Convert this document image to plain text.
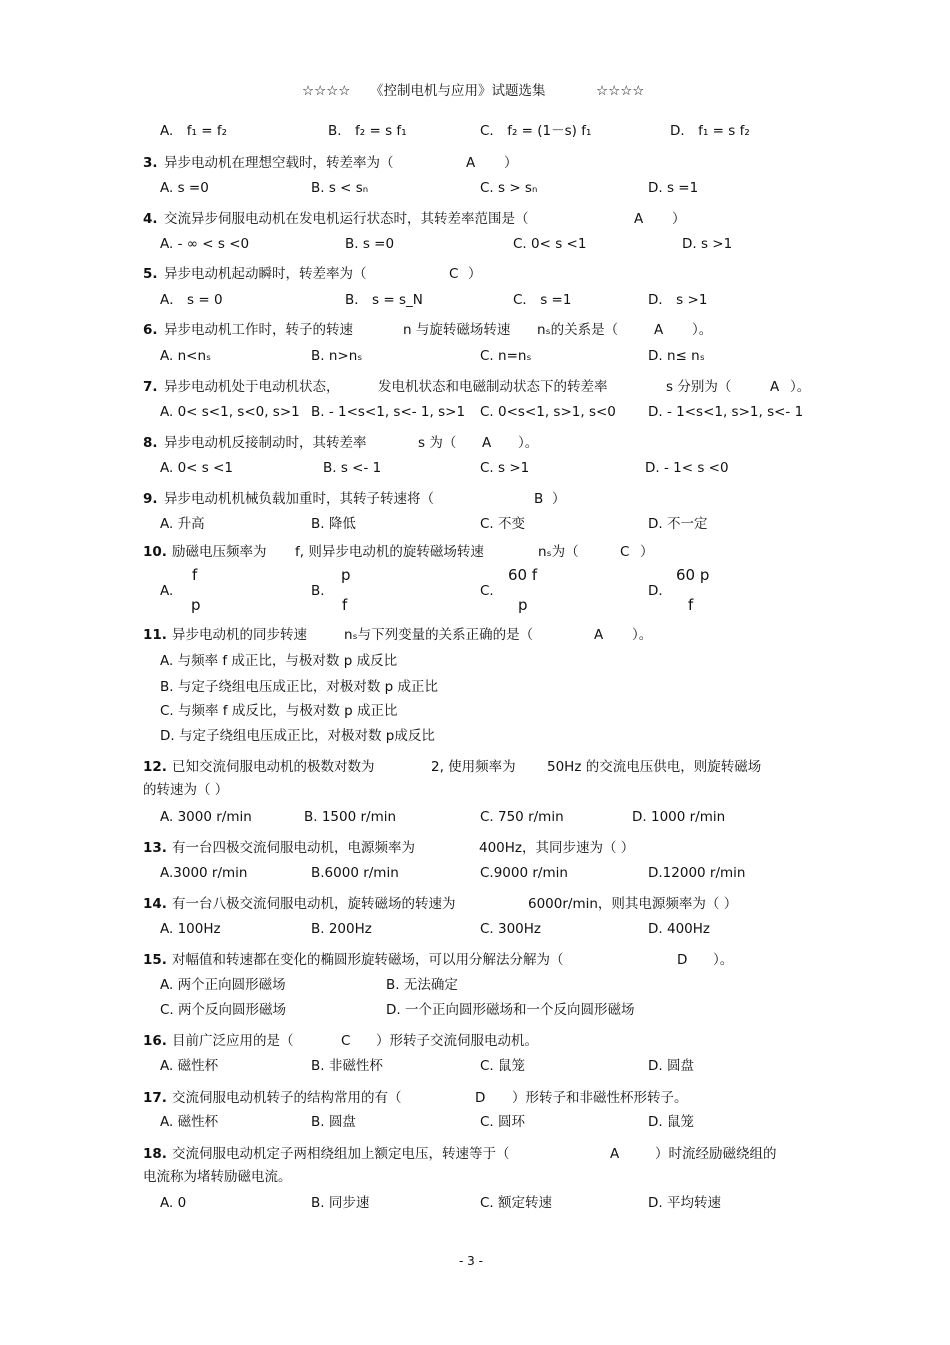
☆☆☆☆ 《控制电机与应用》试题选集	☆☆☆☆
A.　f₁ = f₂	B.　f₂ = s f₁	C.　f₂ = (1－s) f₁	D.　f₁ = s f₂
3. 异步电动机在理想空载时，转差率为（	A ）
A. s =0	B. s < sₙ	C. s > sₙ	D. s =1
4. 交流异步伺服电动机在发电机运行状态时，其转差率范围是（	A ）
A. - ∞ < s <0	B. s =0	C. 0< s <1	D. s >1
5. 异步电动机起动瞬时，转差率为（	C ）
A． s = 0	B． s = s_N	C． s =1	D． s >1
6. 异步电动机工作时，转子的转速	n 与旋转磁场转速 nₛ的关系是（	A ）。
A. n<nₛ	B. n>nₛ	C. n=nₛ	D. n≤ nₛ
7. 异步电动机处于电动机状态，	发电机状态和电磁制动状态下的转差率	s 分别为（	A ）。
A. 0< s<1, s<0, s>1 B. - 1<s<1, s<- 1, s>1 C. 0<s<1, s>1, s<0 D. - 1<s<1, s>1, s<- 1
8. 异步电动机反接制动时，其转差率	s 为（ A ）。
A. 0< s <1	B. s <- 1	C. s >1	D. - 1< s <0
9. 异步电动机机械负载加重时，其转子转速将（	B ）
A. 升高	B. 降低	C. 不变	D. 不一定
10. 励磁电压频率为 f, 则异步电动机的旋转磁场转速	nₛ为（	C ）
A.
f
p
B.
p
f
C.
60 f
p
D.
60 p
f
11. 异步电动机的同步转速	nₛ与下列变量的关系正确的是（	A ）。
A. 与频率 f 成正比，与极对数 p 成反比
B. 与定子绕组电压成正比，对极对数 p 成正比
C. 与频率 f 成反比，与极对数 p 成正比
D. 与定子绕组电压成正比，对极对数 p成反比
12. 已知交流伺服电动机的极数对数为	2, 使用频率为 50Hz 的交流电压供电，则旋转磁场
的转速为（ ）
A. 3000 r/min	B. 1500 r/min	C. 750 r/min	D. 1000 r/min
13. 有一台四极交流伺服电动机，电源频率为	400Hz，其同步速为（ ）
A.3000 r/min	B.6000 r/min	C.9000 r/min	D.12000 r/min
14. 有一台八极交流伺服电动机，旋转磁场的转速为	6000r/min，则其电源频率为（ ）
A. 100Hz	B. 200Hz	C. 300Hz	D. 400Hz
15. 对幅值和转速都在变化的椭圆形旋转磁场，可以用分解法分解为（	D ）。
A. 两个正向圆形磁场	B. 无法确定
C. 两个反向圆形磁场	D. 一个正向圆形磁场和一个反向圆形磁场
16. 目前广泛应用的是（	C ）形转子交流伺服电动机。
A. 磁性杯	B. 非磁性杯	C. 鼠笼	D. 圆盘
17. 交流伺服电动机转子的结构常用的有（	D ）形转子和非磁性杯形转子。
A. 磁性杯	B. 圆盘	C. 圆环	D. 鼠笼
18. 交流伺服电动机定子两相绕组加上额定电压，转速等于（	A	）时流经励磁绕组的
电流称为堵转励磁电流。
A. 0	B. 同步速	C. 额定转速	D. 平均转速
- 3 -
